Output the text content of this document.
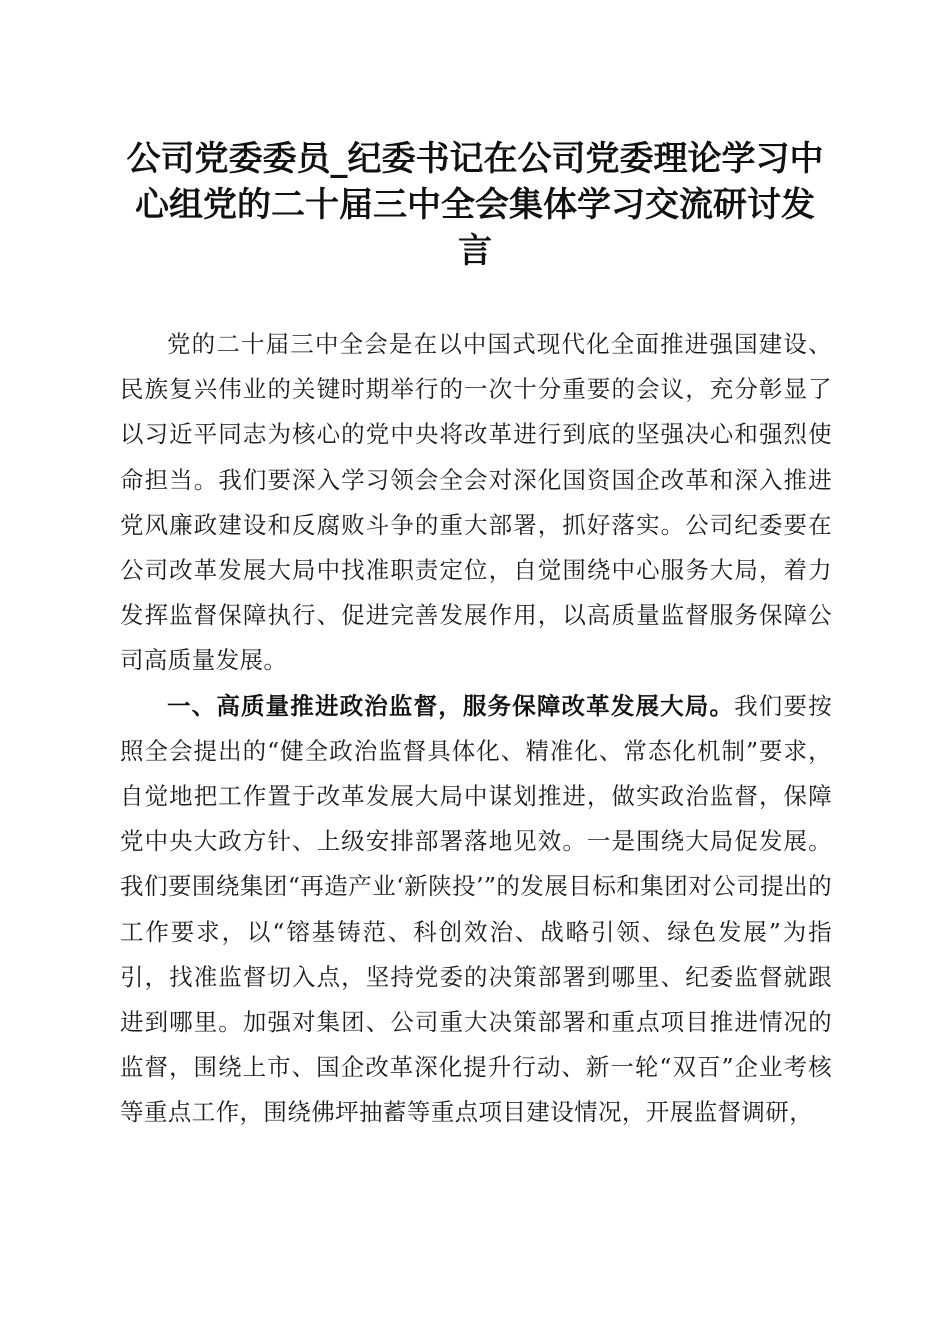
公司党委委员_纪委书记在公司党委理论学习中心组党的二十届三中全会集体学习交流研讨发言

党的二十届三中全会是在以中国式现代化全面推进强国建设、民族复兴伟业的关键时期举行的一次十分重要的会议，充分彰显了以习近平同志为核心的党中央将改革进行到底的坚强决心和强烈使命担当。我们要深入学习领会全会对深化国资国企改革和深入推进党风廉政建设和反腐败斗争的重大部署，抓好落实。公司纪委要在公司改革发展大局中找准职责定位，自觉围绕中心服务大局，着力发挥监督保障执行、促进完善发展作用，以高质量监督服务保障公司高质量发展。

一、高质量推进政治监督，服务保障改革发展大局。我们要按照全会提出的“健全政治监督具体化、精准化、常态化机制”要求，自觉地把工作置于改革发展大局中谋划推进，做实政治监督，保障党中央大政方针、上级安排部署落地见效。一是围绕大局促发展。我们要围绕集团“再造产业‘新陕投’”的发展目标和集团对公司提出的工作要求，以“镕基铸范、科创效治、战略引领、绿色发展”为指引，找准监督切入点，坚持党委的决策部署到哪里、纪委监督就跟进到哪里。加强对集团、公司重大决策部署和重点项目推进情况的监督，围绕上市、国企改革深化提升行动、新一轮“双百”企业考核等重点工作，围绕佛坪抽蓄等重点项目建设情况，开展监督调研，
